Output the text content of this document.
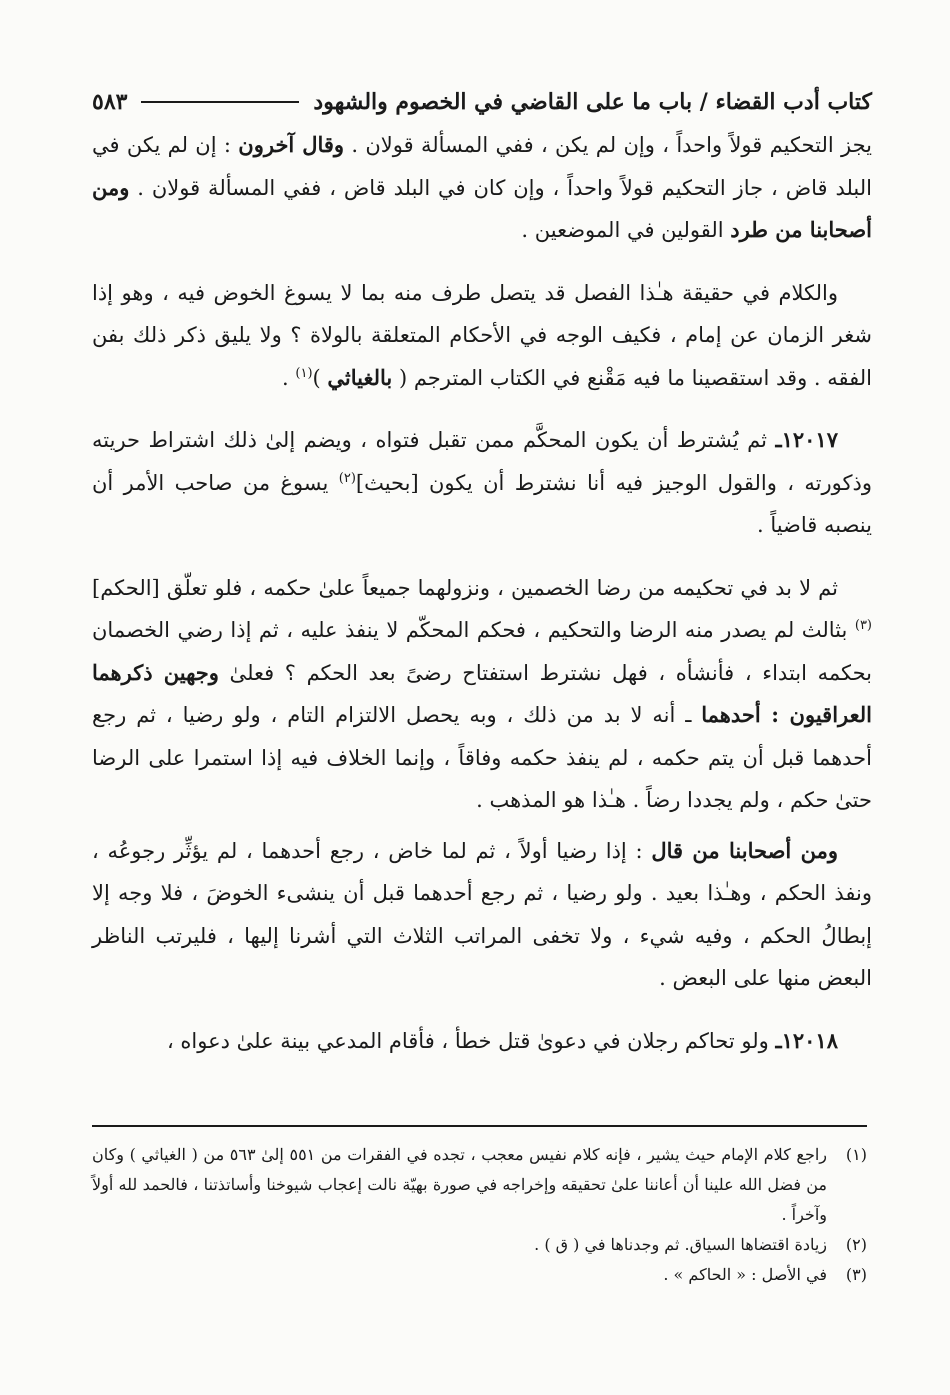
كتاب أدب القضاء / باب ما على القاضي في الخصوم والشهود
٥٨٣

يجز التحكيم قولاً واحداً ، وإن لم يكن ، ففي المسألة قولان . وقال آخرون : إن لم يكن في البلد قاض ، جاز التحكيم قولاً واحداً ، وإن كان في البلد قاض ، ففي المسألة قولان . ومن أصحابنا من طرد القولين في الموضعين .

والكلام في حقيقة هـٰذا الفصل قد يتصل طرف منه بما لا يسوغ الخوض فيه ، وهو إذا شغر الزمان عن إمام ، فكيف الوجه في الأحكام المتعلقة بالولاة ؟ ولا يليق ذكر ذلك بفن الفقه . وقد استقصينا ما فيه مَقْنع في الكتاب المترجم ( بالغياثي )$^{(١)}$ .

١٢٠١٧ـ ثم يُشترط أن يكون المحكَّم ممن تقبل فتواه ، ويضم إلىٰ ذلك اشتراط حريته وذكورته ، والقول الوجيز فيه أنا نشترط أن يكون [بحيث]$^{(٢)}$ يسوغ من صاحب الأمر أن ينصبه قاضياً .

ثم لا بد في تحكيمه من رضا الخصمين ، ونزولهما جميعاً علىٰ حكمه ، فلو تعلّق [الحكم]$^{(٣)}$ بثالث لم يصدر منه الرضا والتحكيم ، فحكم المحكّم لا ينفذ عليه ، ثم إذا رضي الخصمان بحكمه ابتداء ، فأنشأه ، فهل نشترط استفتاح رضىً بعد الحكم ؟ فعلىٰ وجهين ذكرهما العراقيون : أحدهما ـ أنه لا بد من ذلك ، وبه يحصل الالتزام التام ، ولو رضيا ، ثم رجع أحدهما قبل أن يتم حكمه ، لم ينفذ حكمه وفاقاً ، وإنما الخلاف فيه إذا استمرا على الرضا حتىٰ حكم ، ولم يجددا رضاً . هـٰذا هو المذهب .

ومن أصحابنا من قال : إذا رضيا أولاً ، ثم لما خاض ، رجع أحدهما ، لم يؤثِّر رجوعُه ، ونفذ الحكم ، وهـٰذا بعيد . ولو رضيا ، ثم رجع أحدهما قبل أن ينشىء الخوضَ ، فلا وجه إلا إبطالُ الحكم ، وفيه شيء ، ولا تخفى المراتب الثلاث التي أشرنا إليها ، فليرتب الناظر البعض منها على البعض .

١٢٠١٨ـ ولو تحاكم رجلان في دعوىٰ قتل خطأ ، فأقام المدعي بينة علىٰ دعواه ،

(١)
راجع كلام الإمام حيث يشير ، فإنه كلام نفيس معجب ، تجده في الفقرات من ٥٥١ إلىٰ ٥٦٣ من ( الغياثي ) وكان من فضل الله علينا أن أعاننا علىٰ تحقيقه وإخراجه في صورة بهيّة نالت إعجاب شيوخنا وأساتذتنا ، فالحمد لله أولاً وآخراً .
(٢)
زيادة اقتضاها السياق. ثم وجدناها في ( ق ) .
(٣)
في الأصل : « الحاكم » .
